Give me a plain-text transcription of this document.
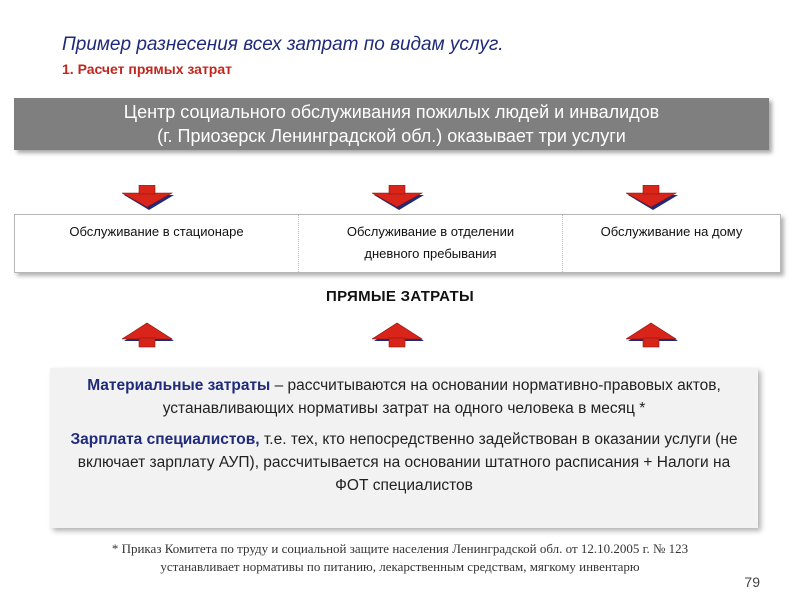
Пример разнесения всех затрат по видам услуг.
1. Расчет прямых затрат
Центр социального обслуживания пожилых людей и инвалидов
(г. Приозерск Ленинградской обл.) оказывает три услуги
Обслуживание в стационаре	Обслуживание в отделении
дневного пребывания
Обслуживание на дому
ПРЯМЫЕ ЗАТРАТЫ

Материальные затраты – рассчитываются на основании нормативно-правовых актов, устанавливающих нормативы затрат на одного человека в месяц *

Зарплата специалистов, т.е. тех, кто непосредственно задействован в оказании услуги (не включает зарплату АУП), рассчитывается на основании штатного расписания + Налоги на ФОТ специалистов

* Приказ Комитета по труду и социальной защите населения Ленинградской обл. от 12.10.2005 г. № 123
устанавливает нормативы по питанию, лекарственным средствам, мягкому инвентарю
79
